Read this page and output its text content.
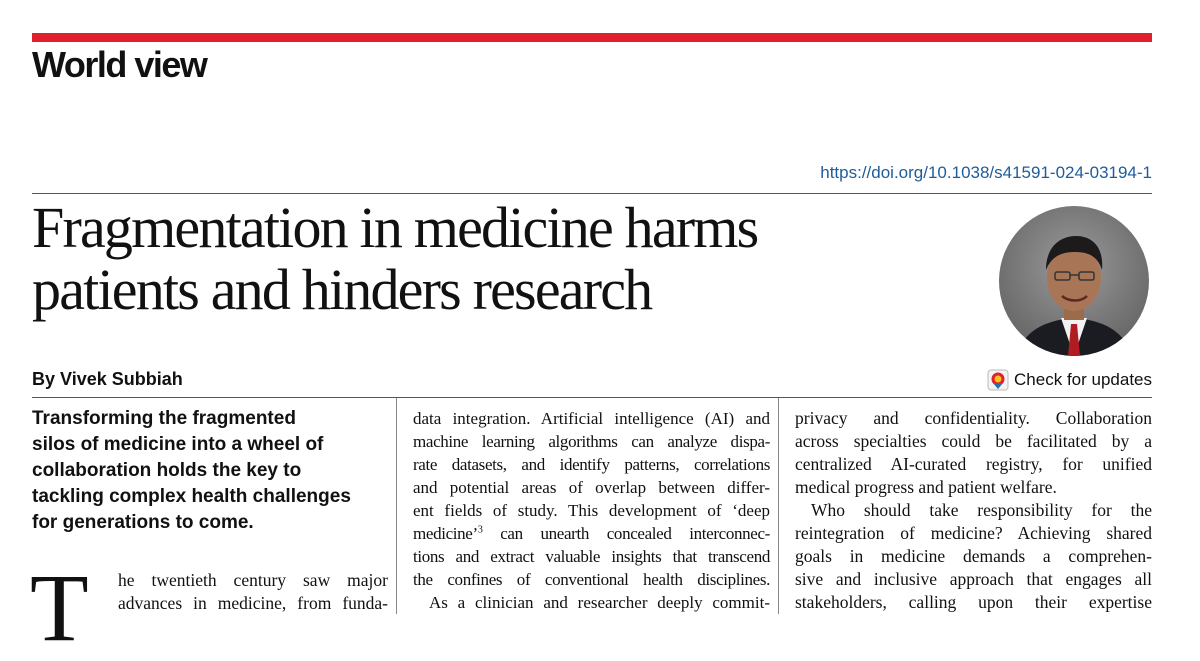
World view
https://doi.org/10.1038/s41591-024-03194-1
Fragmentation in medicine harms
patients and hinders research
By Vivek Subbiah	Check for updates

Transforming the fragmented
silos of medicine into a wheel of
collaboration holds the key to
tackling complex health challenges
for generations to come.

T he twentieth century saw major
advances in medicine, from funda-
data integration. Artificial intelligence (AI) and
machine learning algorithms can analyze dispa-
rate datasets, and identify patterns, correlations
and potential areas of overlap between differ-
ent fields of study. This development of ‘deep
medicine’$^3$ can unearth concealed interconnec-
tions and extract valuable insights that transcend
the confines of conventional health disciplines.
As a clinician and researcher deeply commit-
privacy and confidentiality. Collaboration
across specialties could be facilitated by a
centralized AI-curated registry, for unified
medical progress and patient welfare.
Who should take responsibility for the
reintegration of medicine? Achieving shared
goals in medicine demands a comprehen-
sive and inclusive approach that engages all
stakeholders, calling upon their expertise
